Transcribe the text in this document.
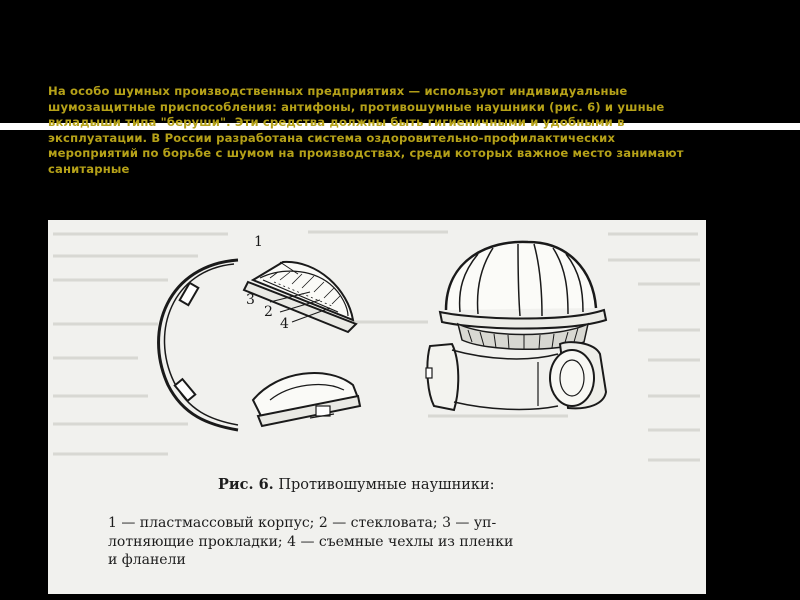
На особо шумных производственных предприятиях — используют индивидуальные
шумозащитные приспособления: антифоны, противошумные наушники (рис. 6) и ушные
вкладыши типа "беруши". Эти средства должны быть гигиеничными и удобными в
эксплуатации. В России разработана система оздоровительно-профилактических
мероприятий по борьбе с шумом на производствах, среди которых важное место занимают
санитарные
1
2
3
4
Рис. 6. Противошумные наушники:
1 — пластмассовый корпус; 2 — стекловата; 3 — уп-
лотняющие прокладки; 4 — съемные чехлы из пленки
и фланели
